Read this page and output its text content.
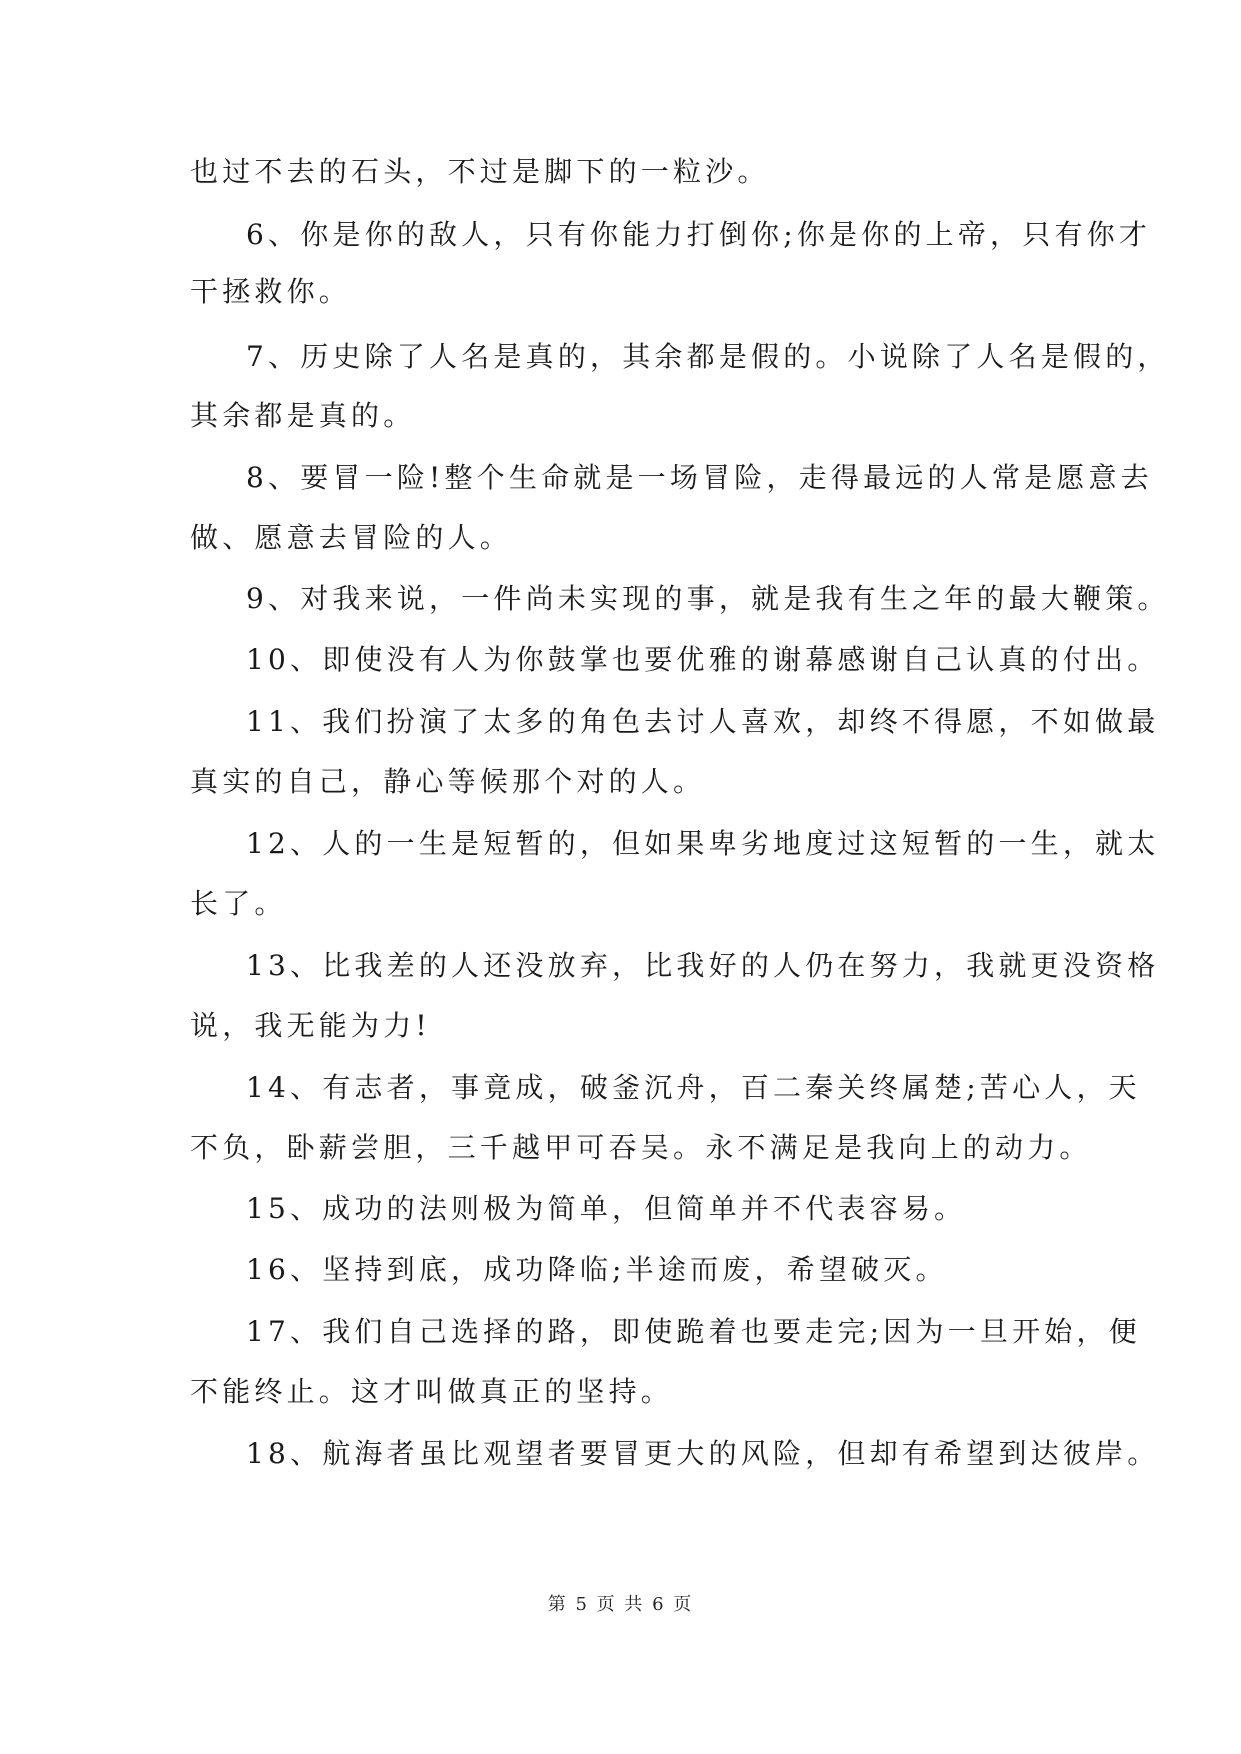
也过不去的石头，不过是脚下的一粒沙。
6、你是你的敌人，只有你能力打倒你;你是你的上帝，只有你才
干拯救你。
7、历史除了人名是真的，其余都是假的。小说除了人名是假的，
其余都是真的。
8、要冒一险!整个生命就是一场冒险，走得最远的人常是愿意去
做、愿意去冒险的人。
9、对我来说，一件尚未实现的事，就是我有生之年的最大鞭策。
10、即使没有人为你鼓掌也要优雅的谢幕感谢自己认真的付出。
11、我们扮演了太多的角色去讨人喜欢，却终不得愿，不如做最
真实的自己，静心等候那个对的人。
12、人的一生是短暂的，但如果卑劣地度过这短暂的一生，就太
长了。
13、比我差的人还没放弃，比我好的人仍在努力，我就更没资格
说，我无能为力!
14、有志者，事竟成，破釜沉舟，百二秦关终属楚;苦心人，天
不负，卧薪尝胆，三千越甲可吞吴。永不满足是我向上的动力。
15、成功的法则极为简单，但简单并不代表容易。
16、坚持到底，成功降临;半途而废，希望破灭。
17、我们自己选择的路，即使跪着也要走完;因为一旦开始，便
不能终止。这才叫做真正的坚持。
18、航海者虽比观望者要冒更大的风险，但却有希望到达彼岸。
第 5 页 共 6 页
